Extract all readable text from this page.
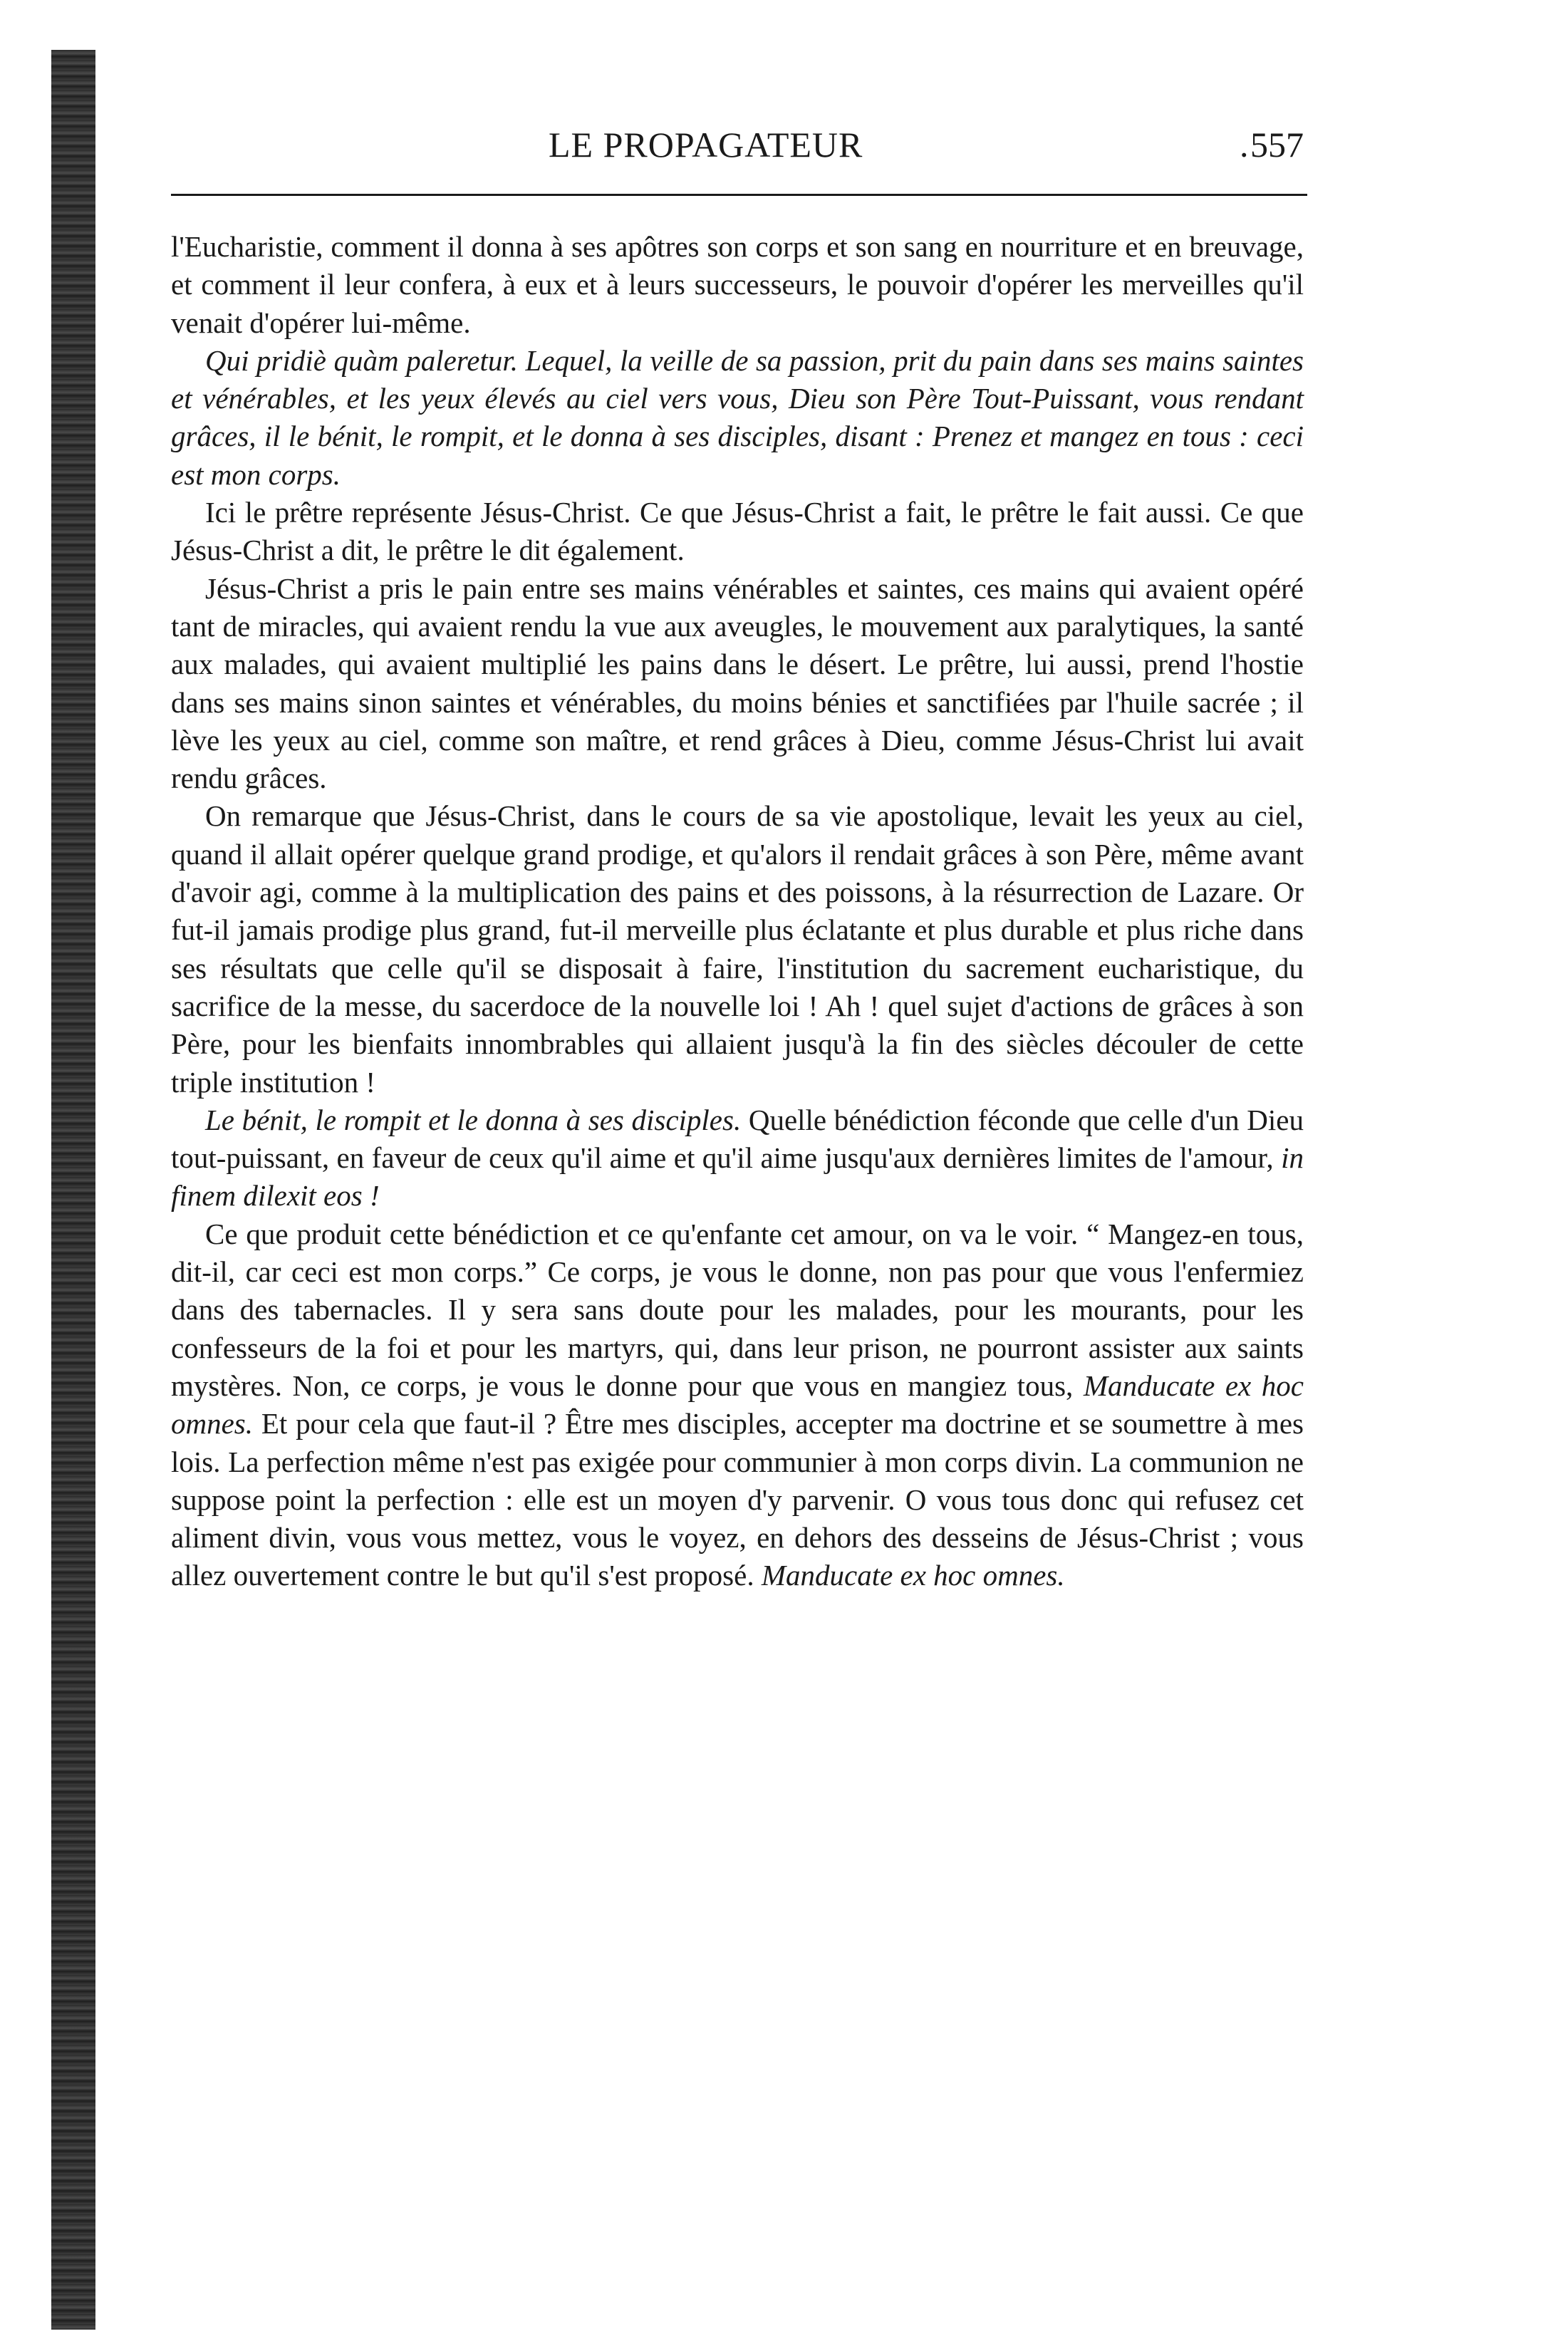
LE PROPAGATEUR	. 557

l'Eucharistie, comment il donna à ses apôtres son corps et son sang en nourriture et en breuvage, et comment il leur confera, à eux et à leurs successeurs, le pouvoir d'opérer les merveilles qu'il venait d'opérer lui-même.

Qui pridiè quàm paleretur. Lequel, la veille de sa passion, prit du pain dans ses mains saintes et vénérables, et les yeux élevés au ciel vers vous, Dieu son Père Tout-Puissant, vous rendant grâces, il le bénit, le rompit, et le donna à ses disciples, disant : Prenez et mangez en tous : ceci est mon corps.

Ici le prêtre représente Jésus-Christ. Ce que Jésus-Christ a fait, le prêtre le fait aussi. Ce que Jésus-Christ a dit, le prêtre le dit également.

Jésus-Christ a pris le pain entre ses mains vénérables et saintes, ces mains qui avaient opéré tant de miracles, qui avaient rendu la vue aux aveugles, le mouvement aux paralytiques, la santé aux malades, qui avaient multiplié les pains dans le désert. Le prêtre, lui aussi, prend l'hostie dans ses mains sinon saintes et vénérables, du moins bénies et sanctifiées par l'huile sacrée ; il lève les yeux au ciel, comme son maître, et rend grâces à Dieu, comme Jésus-Christ lui avait rendu grâces.

On remarque que Jésus-Christ, dans le cours de sa vie apostolique, levait les yeux au ciel, quand il allait opérer quelque grand prodige, et qu'alors il rendait grâces à son Père, même avant d'avoir agi, comme à la multiplication des pains et des poissons, à la résurrection de Lazare. Or fut-il jamais prodige plus grand, fut-il merveille plus éclatante et plus durable et plus riche dans ses résultats que celle qu'il se disposait à faire, l'institution du sacrement eucharistique, du sacrifice de la messe, du sacerdoce de la nouvelle loi ! Ah ! quel sujet d'actions de grâces à son Père, pour les bienfaits innombrables qui allaient jusqu'à la fin des siècles découler de cette triple institution !

Le bénit, le rompit et le donna à ses disciples. Quelle bénédiction féconde que celle d'un Dieu tout-puissant, en faveur de ceux qu'il aime et qu'il aime jusqu'aux dernières limites de l'amour, in finem dilexit eos !

Ce que produit cette bénédiction et ce qu'enfante cet amour, on va le voir. “ Mangez-en tous, dit-il, car ceci est mon corps.” Ce corps, je vous le donne, non pas pour que vous l'enfermiez dans des tabernacles. Il y sera sans doute pour les malades, pour les mourants, pour les confesseurs de la foi et pour les martyrs, qui, dans leur prison, ne pourront assister aux saints mystères. Non, ce corps, je vous le donne pour que vous en mangiez tous, Manducate ex hoc omnes. Et pour cela que faut-il ? Être mes disciples, accepter ma doctrine et se soumettre à mes lois. La perfection même n'est pas exigée pour communier à mon corps divin. La communion ne suppose point la perfection : elle est un moyen d'y parvenir. O vous tous donc qui refusez cet aliment divin, vous vous mettez, vous le voyez, en dehors des desseins de Jésus-Christ ; vous allez ouvertement contre le but qu'il s'est proposé. Manducate ex hoc omnes.
